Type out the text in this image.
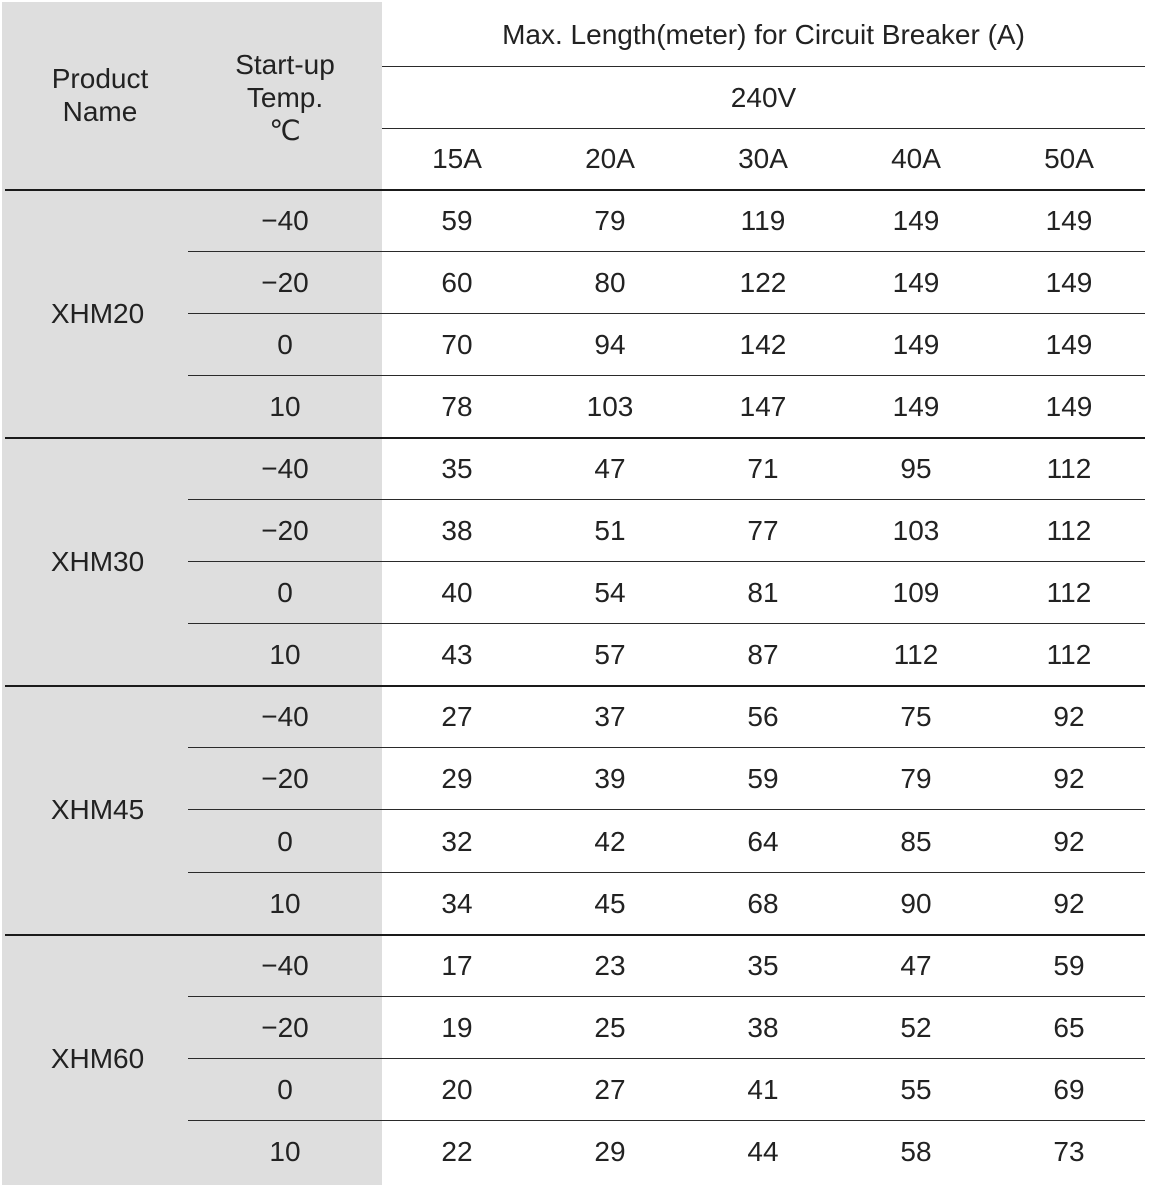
Product
Name
Start-up
Temp.
℃
Max. Length(meter) for Circuit Breaker (A)
240V
15A	20A	30A	40A	50A
XHM20
−40	59	79	119	149	149
−20	60	80	122	149	149
0	70	94	142	149	149
10	78	103	147	149	149
XHM30
−40	35	47	71	95	112
−20	38	51	77	103	112
0	40	54	81	109	112
10	43	57	87	112	112
XHM45
−40	27	37	56	75	92
−20	29	39	59	79	92
0	32	42	64	85	92
10	34	45	68	90	92
XHM60
−40	17	23	35	47	59
−20	19	25	38	52	65
0	20	27	41	55	69
10	22	29	44	58	73
